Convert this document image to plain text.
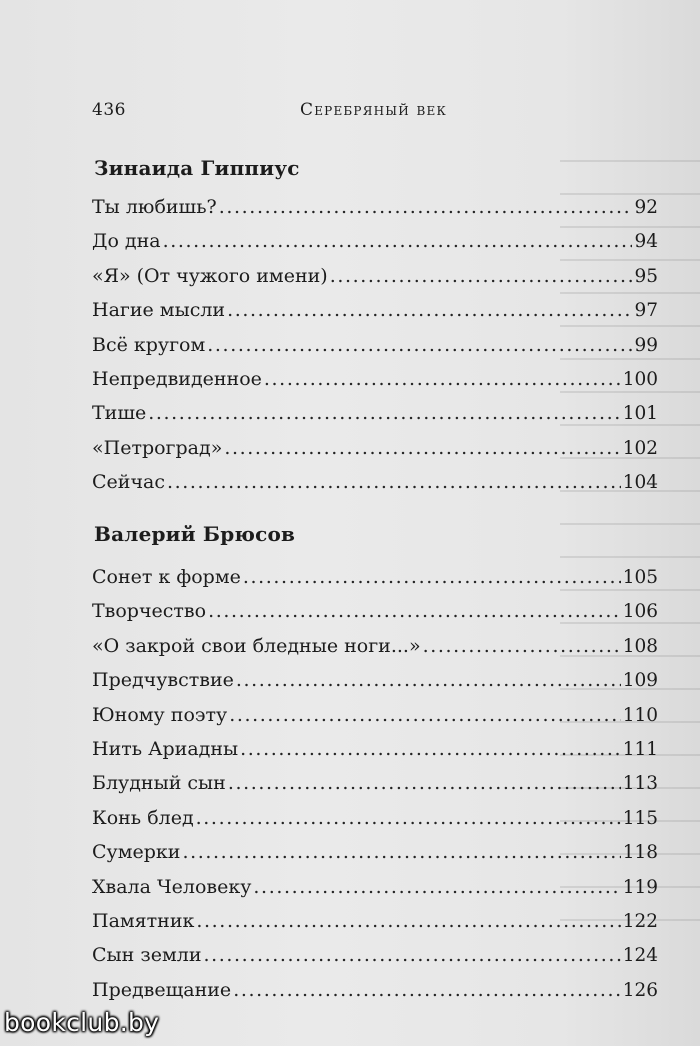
436	Серебряный век
Зинаида Гиппиус
Ты любишь? .....	92
До дна .....	94
«Я» (От чужого имени) .....	95
Нагие мысли .....	97
Всё кругом .....	99
Непредвиденное .....	100
Тише .....	101
«Петроград» .....	102
Сейчас .....	104
Валерий Брюсов
Сонет к форме .....	105
Творчество .....	106
«О закрой свои бледные ноги...» .....	108
Предчувствие .....	109
Юному поэту .....	110
Нить Ариадны .....	111
Блудный сын .....	113
Конь блед .....	115
Сумерки .....	118
Хвала Человеку .....	119
Памятник .....	122
Сын земли .....	124
Предвещание .....	126
bookclub.by
